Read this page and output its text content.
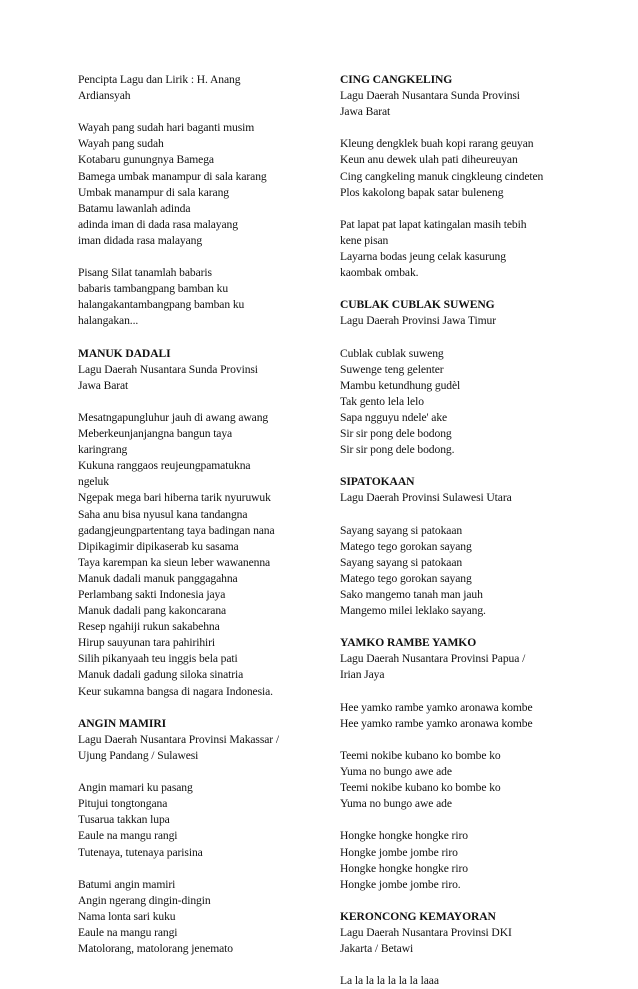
Pencipta Lagu dan Lirik : H. Anang
Ardiansyah
Wayah pang sudah hari baganti musim
Wayah pang sudah
Kotabaru gunungnya Bamega
Bamega umbak manampur di sala karang
Umbak manampur di sala karang
Batamu lawanlah adinda
adinda iman di dada rasa malayang
iman didada rasa malayang
Pisang Silat tanamlah babaris
babaris tambangpang bamban ku
halangakantambangpang bamban ku
halangakan...
MANUK DADALI
Lagu Daerah Nusantara Sunda Provinsi
Jawa Barat
Mesatngapungluhur jauh di awang awang
Meberkeunjanjangna bangun taya
karingrang
Kukuna ranggaos reujeungpamatukna
ngeluk
Ngepak mega bari hiberna tarik nyuruwuk
Saha anu bisa nyusul kana tandangna
gadangjeungpartentang taya badingan nana
Dipikagimir dipikaserab ku sasama
Taya karempan ka sieun leber wawanenna
Manuk dadali manuk panggagahna
Perlambang sakti Indonesia jaya
Manuk dadali pang kakoncarana
Resep ngahiji rukun sakabehna
Hirup sauyunan tara pahirihiri
Silih pikanyaah teu inggis bela pati
Manuk dadali gadung siloka sinatria
Keur sukamna bangsa di nagara Indonesia.
ANGIN MAMIRI
Lagu Daerah Nusantara Provinsi Makassar /
Ujung Pandang / Sulawesi
Angin mamari ku pasang
Pitujui tongtongana
Tusarua takkan lupa
Eaule na mangu rangi
Tutenaya, tutenaya parisina
Batumi angin mamiri
Angin ngerang dingin-dingin
Nama lonta sari kuku
Eaule na mangu rangi
Matolorang, matolorang jenemato
CING CANGKELING
Lagu Daerah Nusantara Sunda Provinsi
Jawa Barat
Kleung dengklek buah kopi rarang geuyan
Keun anu dewek ulah pati diheureuyan
Cing cangkeling manuk cingkleung cindeten
Plos kakolong bapak satar buleneng
Pat lapat pat lapat katingalan masih tebih
kene pisan
Layarna bodas jeung celak kasurung
kaombak ombak.
CUBLAK CUBLAK SUWENG
Lagu Daerah Provinsi Jawa Timur
Cublak cublak suweng
Suwenge teng gelenter
Mambu ketundhung gudèl
Tak gento lela lelo
Sapa ngguyu ndele' ake
Sir sir pong dele bodong
Sir sir pong dele bodong.
SIPATOKAAN
Lagu Daerah Provinsi Sulawesi Utara
Sayang sayang si patokaan
Matego tego gorokan sayang
Sayang sayang si patokaan
Matego tego gorokan sayang
Sako mangemo tanah man jauh
Mangemo milei leklako sayang.
YAMKO RAMBE YAMKO
Lagu Daerah Nusantara Provinsi Papua /
Irian Jaya
Hee yamko rambe yamko aronawa kombe
Hee yamko rambe yamko aronawa kombe
Teemi nokibe kubano ko bombe ko
Yuma no bungo awe ade
Teemi nokibe kubano ko bombe ko
Yuma no bungo awe ade
Hongke hongke hongke riro
Hongke jombe jombe riro
Hongke hongke hongke riro
Hongke jombe jombe riro.
KERONCONG KEMAYORAN
Lagu Daerah Nusantara Provinsi DKI
Jakarta / Betawi
La la la la la la la laaa
